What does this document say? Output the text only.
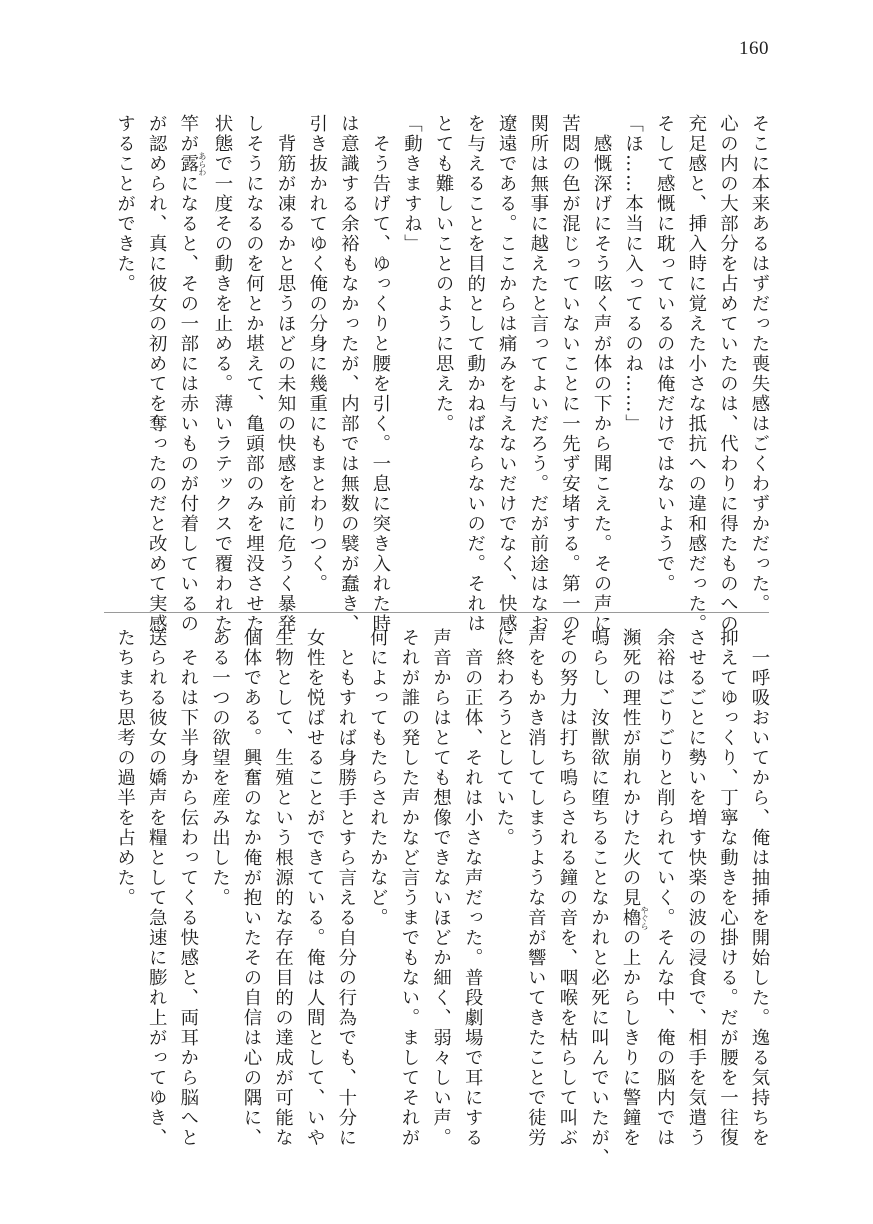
160
そこに本来あるはずだった喪失感はごくわずかだった。
心の内の大部分を占めていたのは、代わりに得たものへの
充足感と、挿入時に覚えた小さな抵抗への違和感だった。
そして感慨に耽っているのは俺だけではないようで。
「ほ……本当に入ってるのね……」
　感慨深げにそう呟く声が体の下から聞こえた。その声に
苦悶の色が混じっていないことに一先ず安堵する。第一の
関所は無事に越えたと言ってよいだろう。だが前途はなお
遼遠である。ここからは痛みを与えないだけでなく、快感
を与えることを目的として動かねばならないのだ。それは
とても難しいことのように思えた。
「動きますね」
　そう告げて、ゆっくりと腰を引く。一息に突き入れた時
は意識する余裕もなかったが、内部では無数の襞が蠢き、
引き抜かれてゆく俺の分身に幾重にもまとわりつく。
　背筋が凍るかと思うほどの未知の快感を前に危うく暴発
しそうになるのを何とか堪えて、亀頭部のみを埋没させた
状態で一度その動きを止める。薄いラテックスで覆われた
竿が露 あらわになると、その一部には赤いものが付着しているの
が認められ、真に彼女の初めてを奪ったのだと改めて実感
することができた。
　一呼吸おいてから、俺は抽挿を開始した。逸る気持ちを
抑えてゆっくり、丁寧な動きを心掛ける。だが腰を一往復
させるごとに勢いを増す快楽の波の浸食で、相手を気遣う
余裕はごりごりと削られていく。そんな中、俺の脳内では
瀕死の理性が崩れかけた火の見櫓 やぐらの上からしきりに警鐘を
鳴らし、汝獣欲に堕ちることなかれと必死に叫んでいたが、
その努力は打ち鳴らされる鐘の音を、咽喉を枯らして叫ぶ
声をもかき消してしまうような音が響いてきたことで徒労
に終わろうとしていた。
　音の正体、それは小さな声だった。普段劇場で耳にする
声音からはとても想像できないほどか細く、弱々しい声。
それが誰の発した声かなど言うまでもない。ましてそれが
何によってもたらされたかなど。
　ともすれば身勝手とすら言える自分の行為でも、十分に
女性を悦ばせることができている。俺は人間として、いや
生物として、生殖という根源的な存在目的の達成が可能な
個体である。興奮のなか俺が抱いたその自信は心の隅に、
ある一つの欲望を産み出した。
　それは下半身から伝わってくる快感と、両耳から脳へと
送られる彼女の嬌声を糧として急速に膨れ上がってゆき、
たちまち思考の過半を占めた。
